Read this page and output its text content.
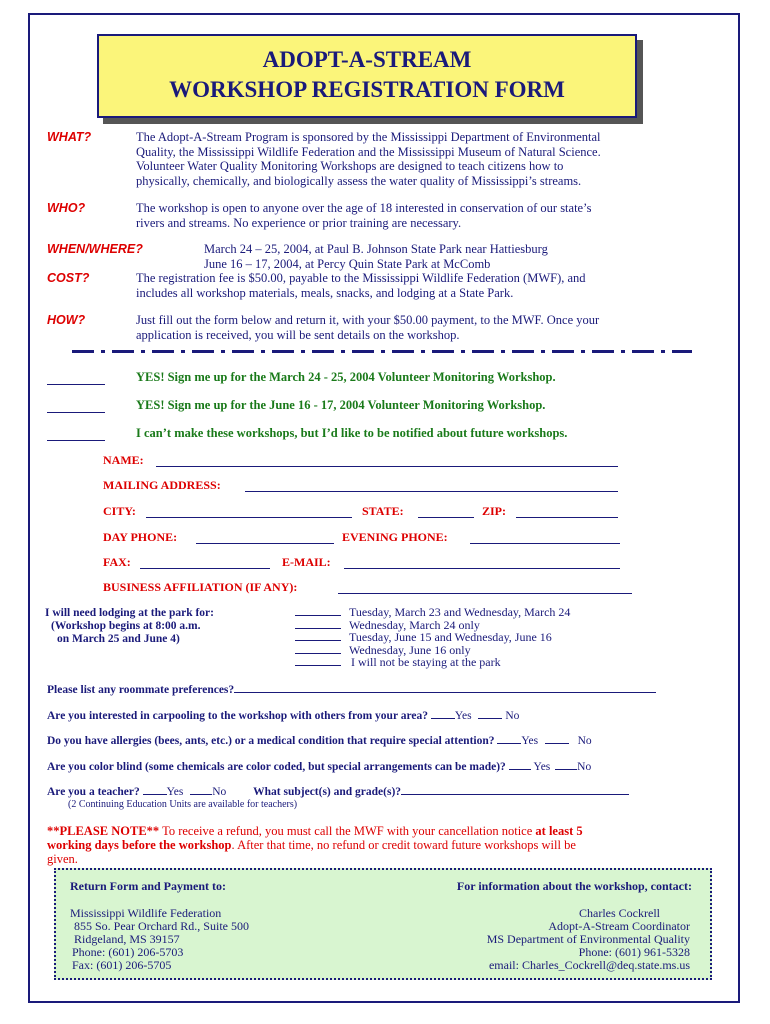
ADOPT-A-STREAM
WORKSHOP REGISTRATION FORM
WHAT?	The Adopt-A-Stream Program is sponsored by the Mississippi Department of Environmental
Quality, the Mississippi Wildlife Federation and the Mississippi Museum of Natural Science.
Volunteer Water Quality Monitoring Workshops are designed to teach citizens how to
physically, chemically, and biologically assess the water quality of Mississippi’s streams.
WHO?	The workshop is open to anyone over the age of 18 interested in conservation of our state’s
rivers and streams. No experience or prior training are necessary.
WHEN/WHERE?	March 24 – 25, 2004, at Paul B. Johnson State Park near Hattiesburg
June 16 – 17, 2004, at Percy Quin State Park at McComb
COST?	The registration fee is $50.00, payable to the Mississippi Wildlife Federation (MWF), and
includes all workshop materials, meals, snacks, and lodging at a State Park.
HOW?	Just fill out the form below and return it, with your $50.00 payment, to the MWF. Once your
application is received, you will be sent details on the workshop.
YES! Sign me up for the March 24 - 25, 2004 Volunteer Monitoring Workshop.
YES! Sign me up for the June 16 - 17, 2004 Volunteer Monitoring Workshop.
I can’t make these workshops, but I’d like to be notified about future workshops.
NAME:
MAILING ADDRESS:
CITY:	STATE:	ZIP:
DAY PHONE:	EVENING PHONE:
FAX:	E-MAIL:
BUSINESS AFFILIATION (IF ANY):
I will need lodging at the park for:
(Workshop begins at 8:00 a.m.
on March 25 and June 4)
Tuesday, March 23 and Wednesday, March 24
Wednesday, March 24 only
Tuesday, June 15 and Wednesday, June 16
Wednesday, June 16 only
I will not be staying at the park
Please list any roommate preferences?
Are you interested in carpooling to the workshop with others from your area? Yes	No
Do you have allergies (bees, ants, etc.) or a medical condition that require special attention? Yes	No
Are you color blind (some chemicals are color coded, but special arrangements can be made)? Yes No
Are you a teacher? Yes	No What subject(s) and grade(s)?
(2 Continuing Education Units are available for teachers)
**PLEASE NOTE** To receive a refund, you must call the MWF with your cancellation notice at least 5
working days before the workshop. After that time, no refund or credit toward future workshops will be
given.
Return Form and Payment to:	For information about the workshop, contact:
Mississippi Wildlife Federation
855 So. Pear Orchard Rd., Suite 500
Ridgeland, MS 39157
Phone: (601) 206-5703
Fax: (601) 206-5705
Charles Cockrell
Adopt-A-Stream Coordinator
MS Department of Environmental Quality
Phone: (601) 961-5328
email: Charles_Cockrell@deq.state.ms.us
